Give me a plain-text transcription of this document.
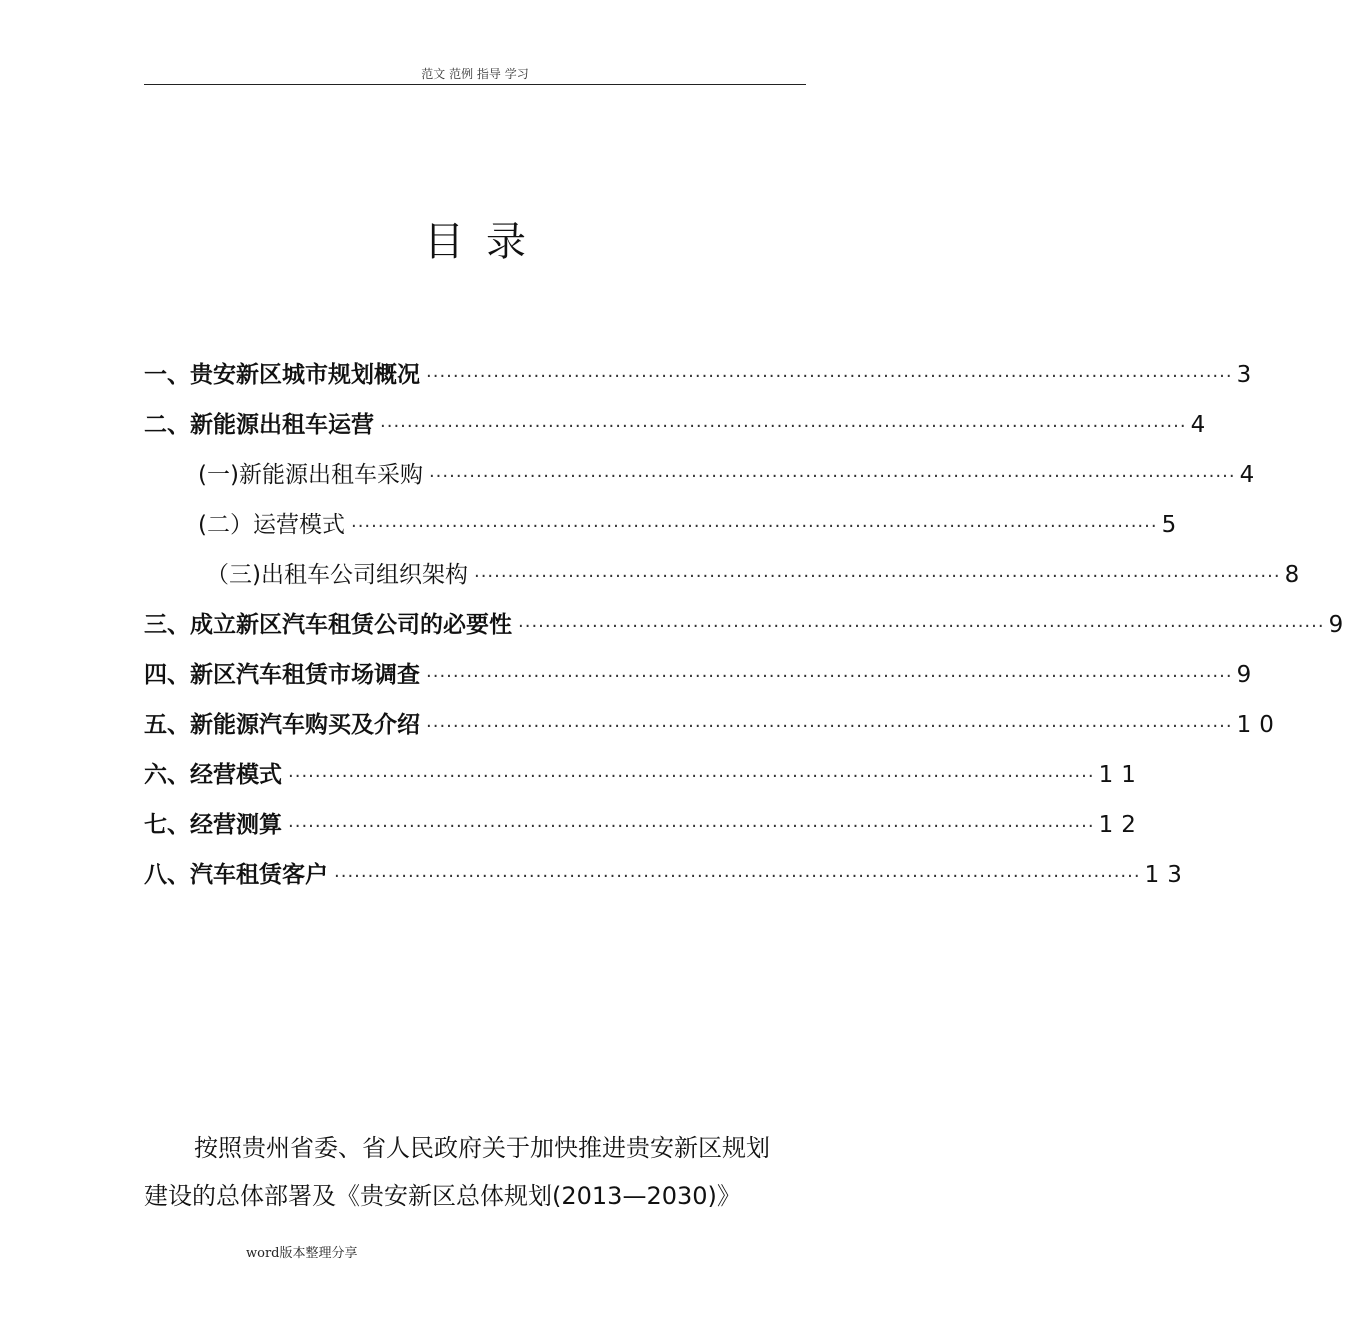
范文 范例 指导 学习
目录
一、贵安新区城市规划概况 ························································································································ 3
二、新能源出租车运营 ························································································································ 4
(一)新能源出租车采购 ························································································································ 4
(二）运营模式 ························································································································ 5
（三)出租车公司组织架构 ························································································································ 8
三、成立新区汽车租赁公司的必要性 ························································································································ 9
四、新区汽车租赁市场调查 ························································································································ 9
五、新能源汽车购买及介绍 ························································································································ 10
六、经营模式 ························································································································ 11
七、经营测算 ························································································································ 12
八、汽车租赁客户 ························································································································ 13

按照贵州省委、省人民政府关于加快推进贵安新区规划
建设的总体部署及《贵安新区总体规划(2013—2030)》

word版本整理分享
